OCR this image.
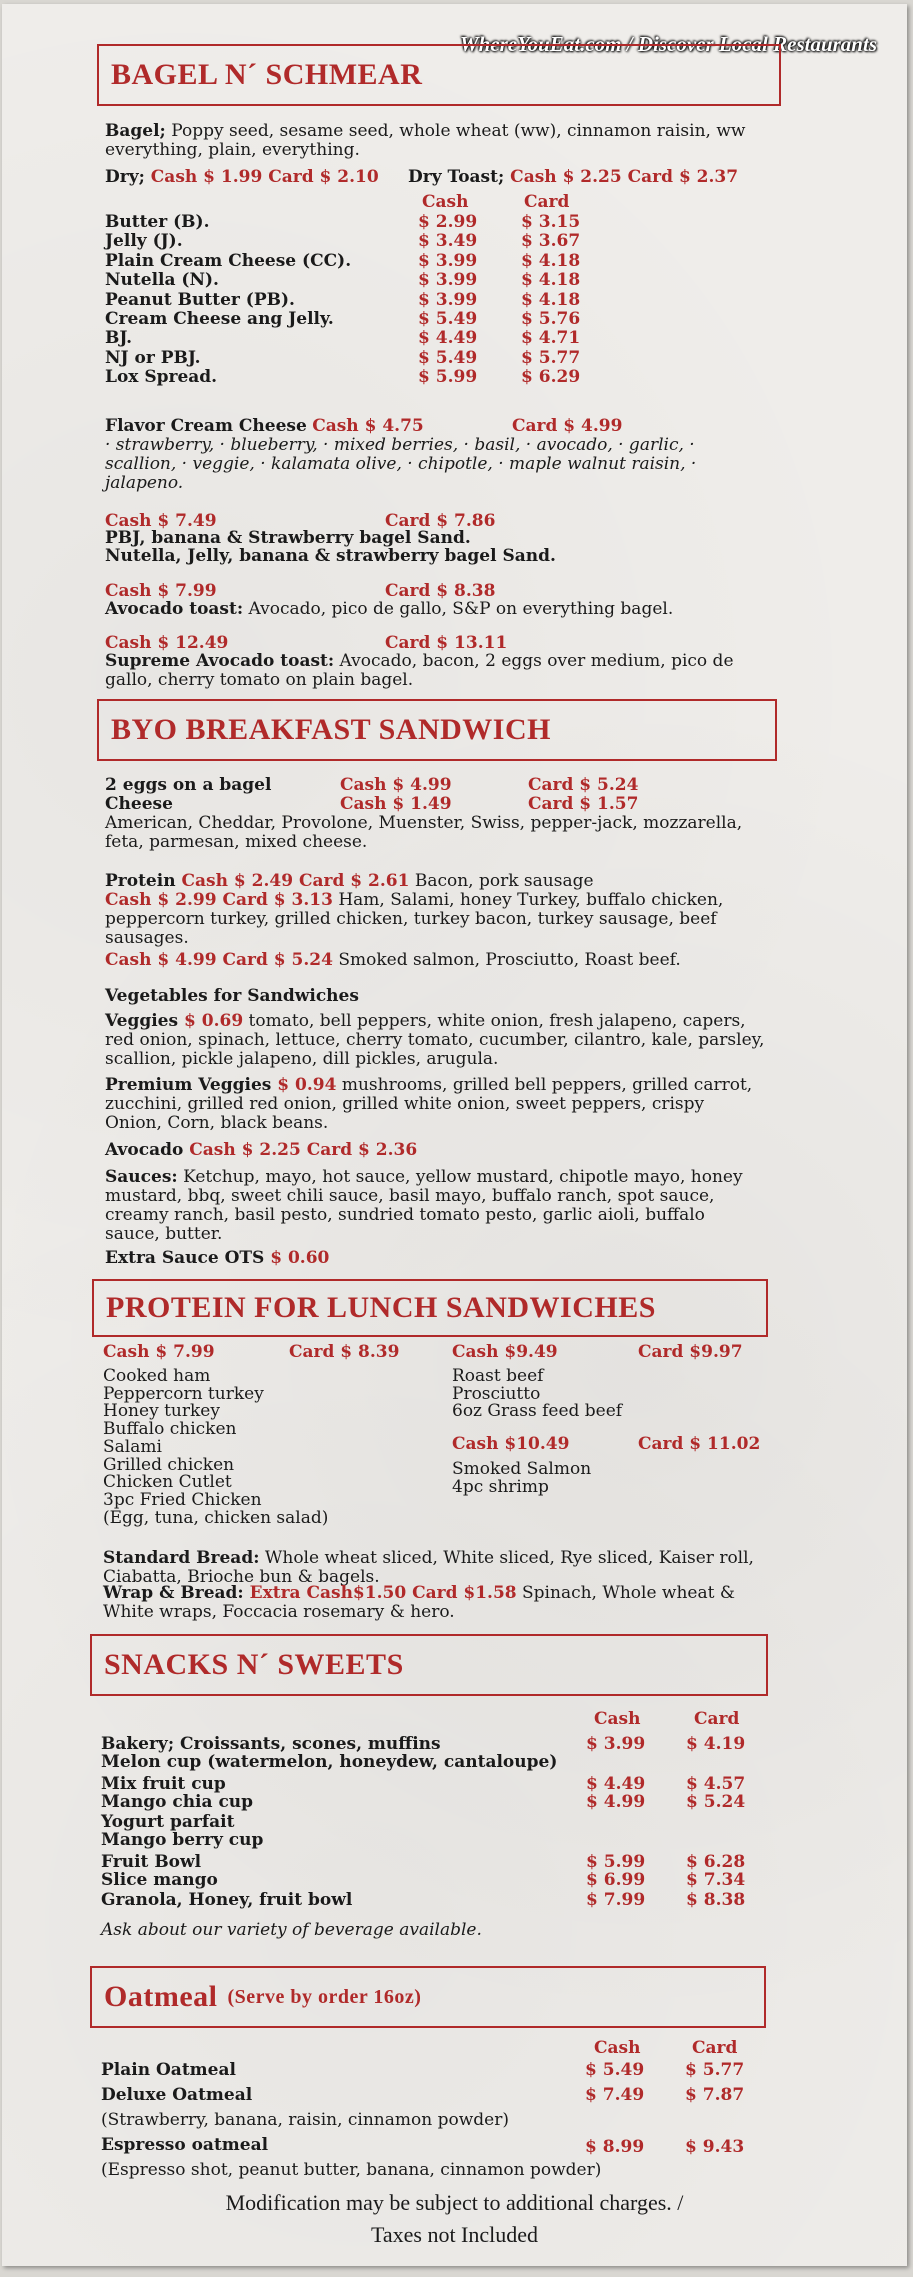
WhereYouEat.com / Discover Local Restaurants
BAGEL N´ SCHMEAR
Bagel; Poppy seed, sesame seed, whole wheat (ww), cinnamon raisin, ww everything, plain, everything.
Dry; Cash $ 1.99 Card $ 2.10 Dry Toast; Cash $ 2.25 Card $ 2.37
Cash	Card
Butter (B).	$ 2.99	$ 3.15
Jelly (J).	$ 3.49	$ 3.67
Plain Cream Cheese (CC).	$ 3.99	$ 4.18
Nutella (N).	$ 3.99	$ 4.18
Peanut Butter (PB).	$ 3.99	$ 4.18
Cream Cheese ang Jelly.	$ 5.49	$ 5.76
BJ.	$ 4.49	$ 4.71
NJ or PBJ.	$ 5.49	$ 5.77
Lox Spread.	$ 5.99	$ 6.29
Flavor Cream Cheese Cash $ 4.75	Card $ 4.99
· strawberry, · blueberry, · mixed berries, · basil, · avocado, · garlic, · scallion, · veggie, · kalamata olive, · chipotle, · maple walnut raisin, · jalapeno.
Cash $ 7.49	Card $ 7.86
PBJ, banana & Strawberry bagel Sand.
Nutella, Jelly, banana & strawberry bagel Sand.
Cash $ 7.99	Card $ 8.38
Avocado toast: Avocado, pico de gallo, S&P on everything bagel.
Cash $ 12.49	Card $ 13.11
Supreme Avocado toast: Avocado, bacon, 2 eggs over medium, pico de gallo, cherry tomato on plain bagel.
BYO BREAKFAST SANDWICH
2 eggs on a bagel	Cash $ 4.99	Card $ 5.24
Cheese	Cash $ 1.49	Card $ 1.57
American, Cheddar, Provolone, Muenster, Swiss, pepper-jack, mozzarella, feta, parmesan, mixed cheese.
Protein Cash $ 2.49 Card $ 2.61 Bacon, pork sausage
Cash $ 2.99 Card $ 3.13 Ham, Salami, honey Turkey, buffalo chicken, peppercorn turkey, grilled chicken, turkey bacon, turkey sausage, beef sausages.
Cash $ 4.99 Card $ 5.24 Smoked salmon, Prosciutto, Roast beef.
Vegetables for Sandwiches
Veggies $ 0.69 tomato, bell peppers, white onion, fresh jalapeno, capers, red onion, spinach, lettuce, cherry tomato, cucumber, cilantro, kale, parsley, scallion, pickle jalapeno, dill pickles, arugula.
Premium Veggies $ 0.94 mushrooms, grilled bell peppers, grilled carrot, zucchini, grilled red onion, grilled white onion, sweet peppers, crispy Onion, Corn, black beans.
Avocado Cash $ 2.25 Card $ 2.36
Sauces: Ketchup, mayo, hot sauce, yellow mustard, chipotle mayo, honey mustard, bbq, sweet chili sauce, basil mayo, buffalo ranch, spot sauce, creamy ranch, basil pesto, sundried tomato pesto, garlic aioli, buffalo sauce, butter.
Extra Sauce OTS $ 0.60
PROTEIN FOR LUNCH SANDWICHES
Cash $ 7.99	Card $ 8.39
Cooked ham
Peppercorn turkey
Honey turkey
Buffalo chicken
Salami
Grilled chicken
Chicken Cutlet
3pc Fried Chicken
(Egg, tuna, chicken salad)
Cash $9.49	Card $9.97
Roast beef
Prosciutto
6oz Grass feed beef
Cash $10.49	Card $ 11.02
Smoked Salmon
4pc shrimp
Standard Bread: Whole wheat sliced, White sliced, Rye sliced, Kaiser roll, Ciabatta, Brioche bun & bagels.
Wrap & Bread: Extra Cash$1.50 Card $1.58 Spinach, Whole wheat & White wraps, Foccacia rosemary & hero.
SNACKS N´ SWEETS
Cash	Card
Bakery; Croissants, scones, muffins	$ 3.99 $ 4.19
Melon cup (watermelon, honeydew, cantaloupe)
Mix fruit cup	$ 4.49 $ 4.57
Mango chia cup	$ 4.99 $ 5.24
Yogurt parfait
Mango berry cup
Fruit Bowl	$ 5.99 $ 6.28
Slice mango	$ 6.99 $ 7.34
Granola, Honey, fruit bowl	$ 7.99 $ 8.38
Ask about our variety of beverage available.
Oatmeal (Serve by order 16oz)
Cash	Card
Plain Oatmeal	$ 5.49 $ 5.77
Deluxe Oatmeal	$ 7.49 $ 7.87
(Strawberry, banana, raisin, cinnamon powder)
Espresso oatmeal	$ 8.99 $ 9.43
(Espresso shot, peanut butter, banana, cinnamon powder)
Modification may be subject to additional charges. /
Taxes not Included
